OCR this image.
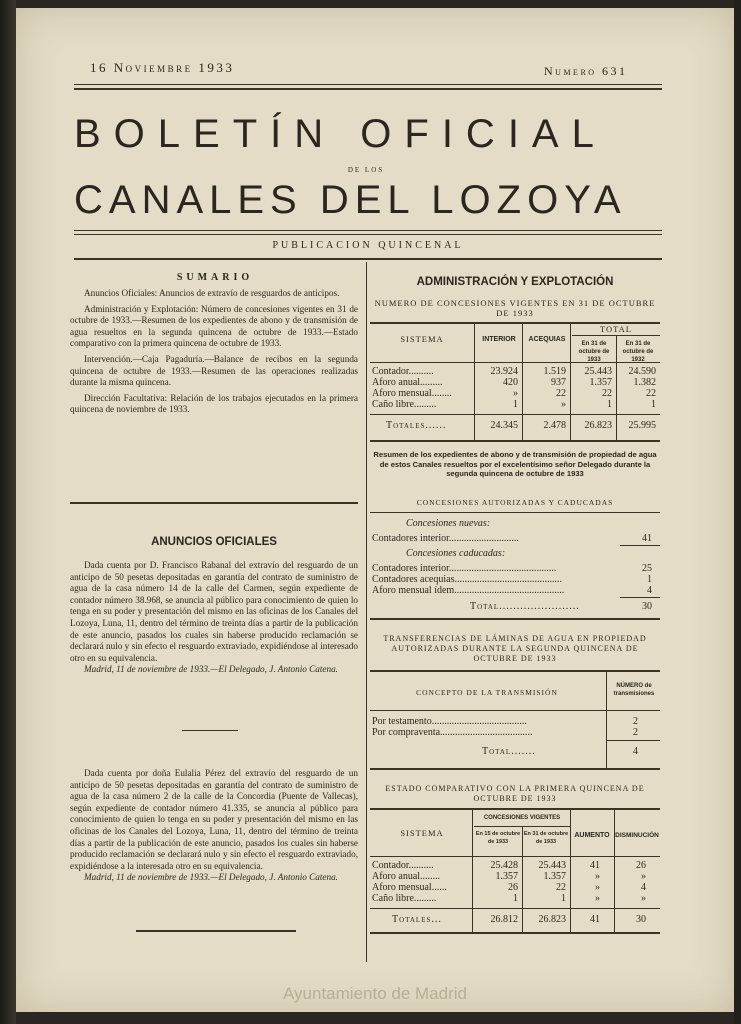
16 Noviembre 1933	Numero 631
BOLETÍN OFICIAL
DE LOS
CANALES DEL LOZOYA
PUBLICACION QUINCENAL
SUMARIO

Anuncios Oficiales: Anuncios de extravío de resguardos de anticipos.

Administración y Explotación: Número de concesiones vigentes en 31 de octubre de 1933.—Resumen de los expedientes de abono y de transmisión de agua resueltos en la segunda quincena de octubre de 1933.—Estado comparativo con la primera quincena de octubre de 1933.

Intervención.—Caja Pagaduría.—Balance de recibos en la segunda quincena de octubre de 1933.—Resumen de las operaciones realizadas durante la misma quincena.

Dirección Facultativa: Relación de los trabajos ejecutados en la primera quincena de noviembre de 1933.

ANUNCIOS OFICIALES

Dada cuenta por D. Francisco Rabanal del extravío del resguardo de un anticipo de 50 pesetas depositadas en garantía del contrato de suministro de agua de la casa número 14 de la calle del Carmen, según expediente de contador número 38.968, se anuncia al público para conocimiento de quien lo tenga en su poder y presentación del mismo en las oficinas de los Canales del Lozoya, Luna, 11, dentro del término de treinta días a partir de la publicación de este anuncio, pasados los cuales sin haberse producido reclamación se declarará nulo y sin efecto el resguardo extraviado, expidiéndose al interesado otro en su equivalencia.

Madrid, 11 de noviembre de 1933.—El Delegado, J. Antonio Catena.

Dada cuenta por doña Eulalia Pérez del extravío del resguardo de un anticipo de 50 pesetas depositadas en garantía del contrato de suministro de agua de la casa número 2 de la calle de la Concordia (Puente de Vallecas), según expediente de contador número 41.335, se anuncia al público para conocimiento de quien lo tenga en su poder y presentación del mismo en las oficinas de los Canales del Lozoya, Luna, 11, dentro del término de treinta días a partir de la publicación de este anuncio, pasados los cuales sin haberse producido reclamación se declarará nulo y sin efecto el resguardo extraviado, expidiéndose a la interesada otro en su equivalencia.

Madrid, 11 de noviembre de 1933.—El Delegado, J. Antonio Catena.

ADMINISTRACIÓN Y EXPLOTACIÓN
NUMERO DE CONCESIONES VIGENTES EN 31 DE OCTUBRE DE 1933
SISTEMA	INTERIOR	ACEQUIAS
TOTAL
En 31 de octubre de 1933
En 31 de octubre de 1932
Contador..........	23.924	1.519	25.443	24.590
Aforo anual.........	420	937	1.357	1.382
Aforo mensual........	»	22	22	22
Caño libre.........	1	»	1	1
Totales......	24.345	2.478	26.823	25.995
Resumen de los expedientes de abono y de transmisión de propiedad de agua de estos Canales resueltos por el excelentísimo señor Delegado durante la segunda quincena de octubre de 1933
CONCESIONES AUTORIZADAS Y CADUCADAS
Concesiones nuevas:
Contadores interior............................	41
Concesiones caducadas:
Contadores interior...........................................	25
Contadores acequias...........................................	1
Aforo mensual ídem............................................	4
Total.......................	30
TRANSFERENCIAS DE LÁMINAS DE AGUA EN PROPIEDAD AUTORIZADAS DURANTE LA SEGUNDA QUINCENA DE OCTUBRE DE 1933
CONCEPTO DE LA TRANSMISIÓN
NÚMERO de transmisiones
Por testamento......................................	2
Por compraventa.....................................	2
Total.......	4
ESTADO COMPARATIVO CON LA PRIMERA QUINCENA DE OCTUBRE DE 1933
SISTEMA
CONCESIONES VIGENTES
En 15 de octubre de 1933
En 31 de octubre de 1933
AUMENTO DISMINUCIÓN
Contador..........	25.428	25.443	41	26
Aforo anual........	1.357	1.357	»	»
Aforo mensual......	26	22	»	4
Caño libre.........	1	1	»	»
Totales...	26.812	26.823	41	30
Ayuntamiento de Madrid
